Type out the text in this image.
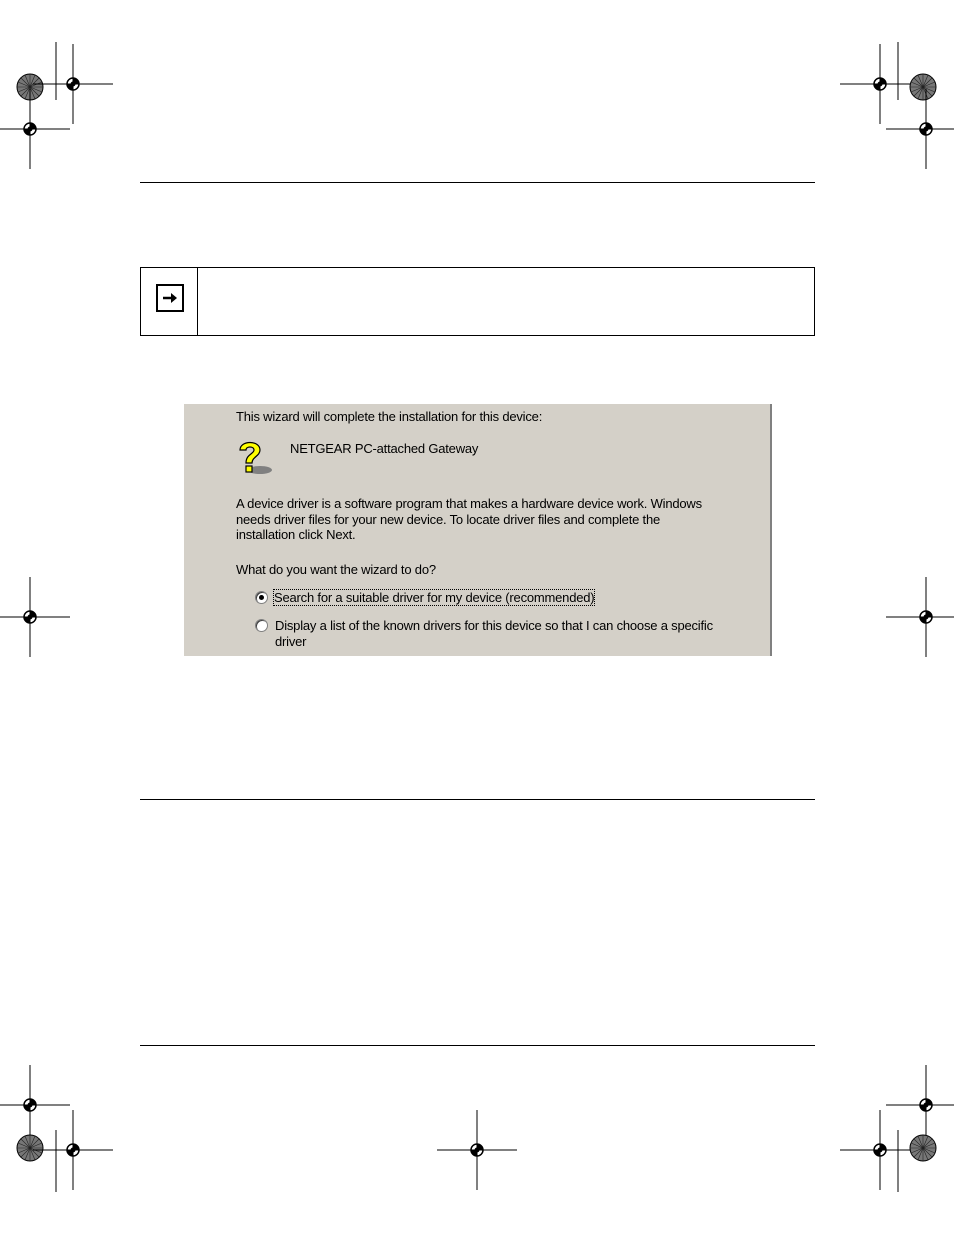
This wizard will complete the installation for this device:
NETGEAR PC-attached Gateway
A device driver is a software program that makes a hardware device work. Windows
needs driver files for your new device. To locate driver files and complete the
installation click Next.
What do you want the wizard to do?
Search for a suitable driver for my device (recommended)
Display a list of the known drivers for this device so that I can choose a specific
driver
